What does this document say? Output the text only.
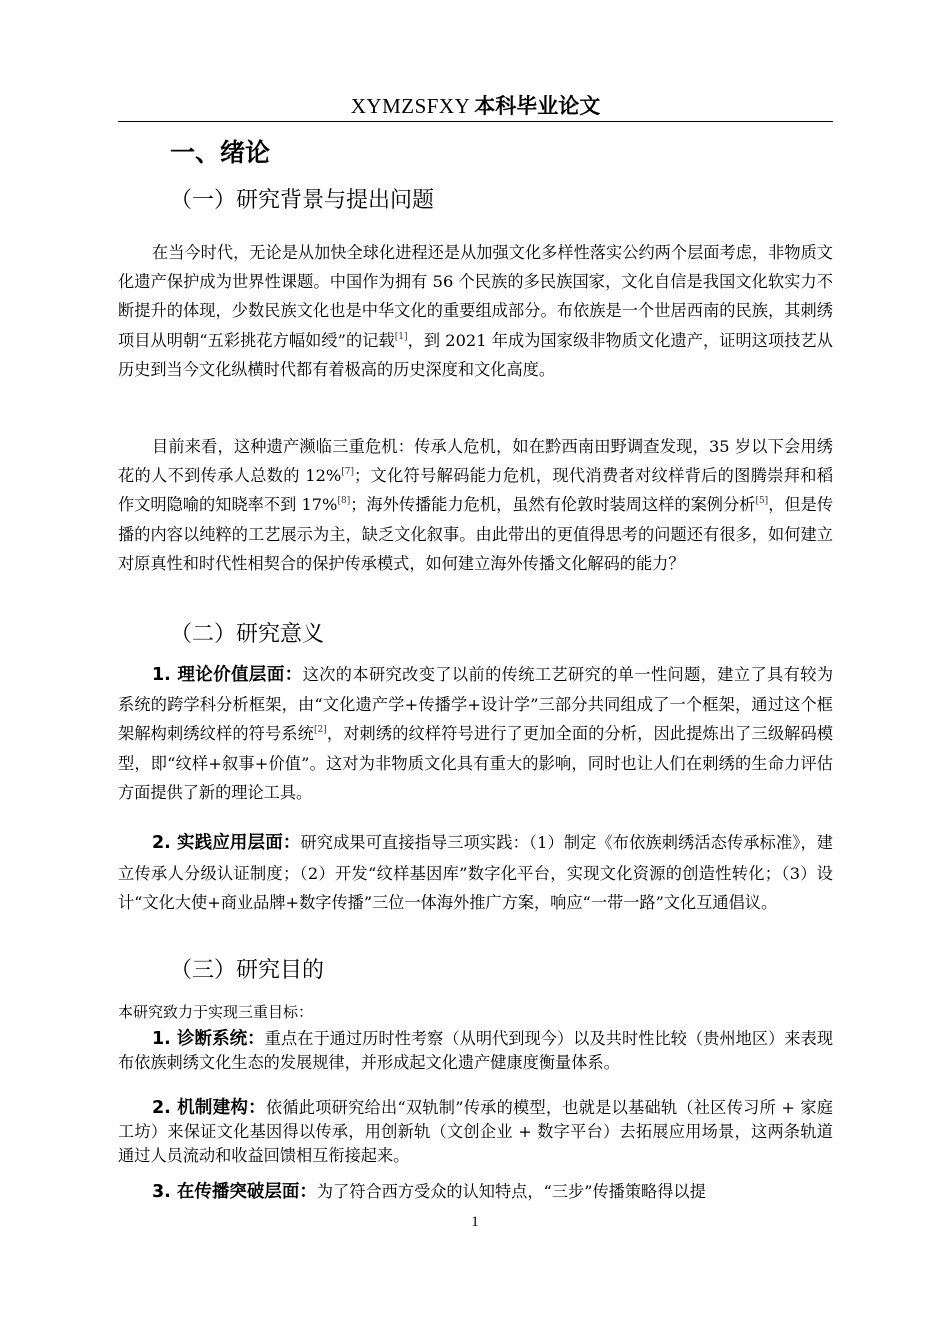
XYMZSFXY 本科毕业论文
一、绪论
（一）研究背景与提出问题
在当今时代，无论是从加快全球化进程还是从加强文化多样性落实公约两个层面考虑，非物质文化遗产保护成为世界性课题。中国作为拥有 56 个民族的多民族国家，文化自信是我国文化软实力不断提升的体现，少数民族文化也是中华文化的重要组成部分。布依族是一个世居西南的民族，其刺绣项目从明朝“五彩挑花方幅如绶”的记载[1]，到 2021 年成为国家级非物质文化遗产，证明这项技艺从历史到当今文化纵横时代都有着极高的历史深度和文化高度。
目前来看，这种遗产濒临三重危机：传承人危机，如在黔西南田野调查发现，35 岁以下会用绣花的人不到传承人总数的 12%[7]；文化符号解码能力危机，现代消费者对纹样背后的图腾崇拜和稻作文明隐喻的知晓率不到 17%[8]；海外传播能力危机，虽然有伦敦时装周这样的案例分析[5]，但是传播的内容以纯粹的工艺展示为主，缺乏文化叙事。由此带出的更值得思考的问题还有很多，如何建立对原真性和时代性相契合的保护传承模式，如何建立海外传播文化解码的能力？
（二）研究意义
1. 理论价值层面：这次的本研究改变了以前的传统工艺研究的单一性问题，建立了具有较为系统的跨学科分析框架，由“文化遗产学+传播学+设计学”三部分共同组成了一个框架，通过这个框架解构刺绣纹样的符号系统[2]，对刺绣的纹样符号进行了更加全面的分析，因此提炼出了三级解码模型，即“纹样+叙事+价值”。这对为非物质文化具有重大的影响，同时也让人们在刺绣的生命力评估方面提供了新的理论工具。
2. 实践应用层面：研究成果可直接指导三项实践：（1）制定《布依族刺绣活态传承标准》，建立传承人分级认证制度；（2）开发“纹样基因库”数字化平台，实现文化资源的创造性转化；（3）设计“文化大使+商业品牌+数字传播”三位一体海外推广方案，响应“一带一路”文化互通倡议。
（三）研究目的
本研究致力于实现三重目标：
1. 诊断系统：重点在于通过历时性考察（从明代到现今）以及共时性比较（贵州地区）来表现布依族刺绣文化生态的发展规律，并形成起文化遗产健康度衡量体系。
2. 机制建构：依循此项研究给出“双轨制”传承的模型，也就是以基础轨（社区传习所 + 家庭工坊）来保证文化基因得以传承，用创新轨（文创企业 + 数字平台）去拓展应用场景，这两条轨道通过人员流动和收益回馈相互衔接起来。
3. 在传播突破层面：为了符合西方受众的认知特点，“三步”传播策略得以提
1
